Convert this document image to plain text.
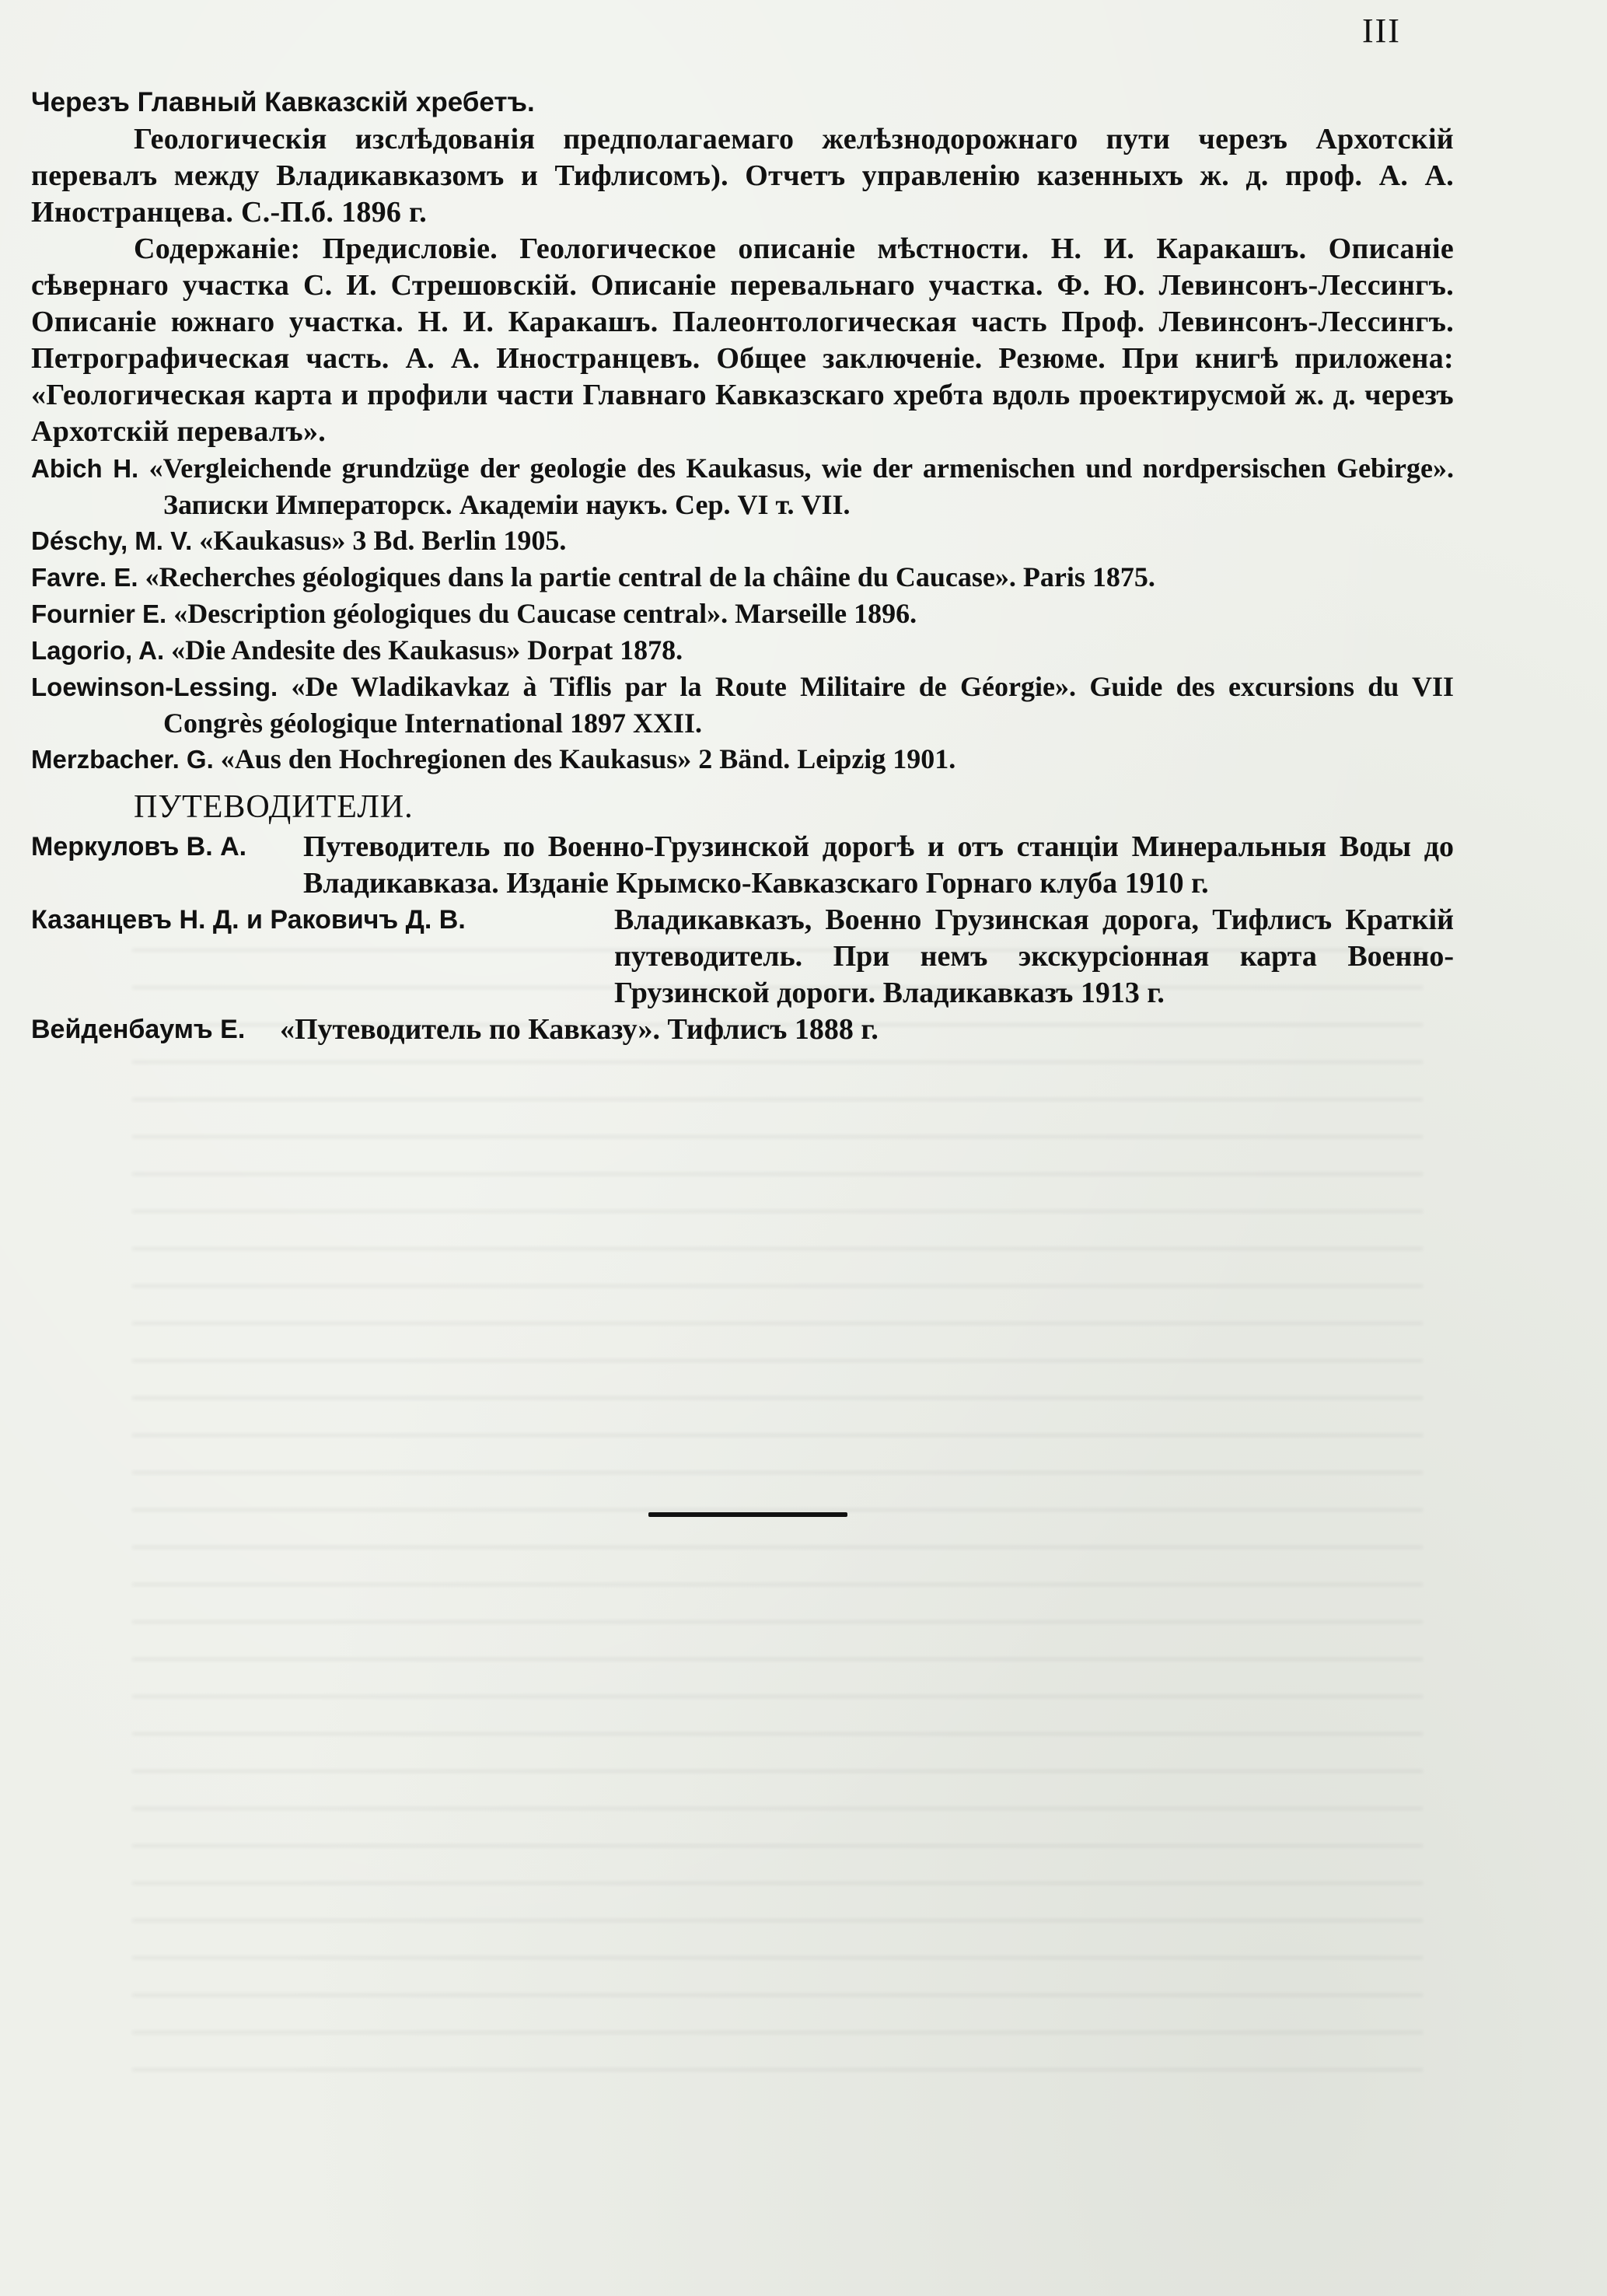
III

Черезъ Главный Кавказскій хребетъ.

Геологическія изслѣдованія предполагаемаго желѣзнодорожнаго пути черезъ Архотскій перевалъ между Владикавказомъ и Тифлисомъ). Отчетъ управленію казенныхъ ж. д. проф. А. А. Иностранцева. С.-П.б. 1896 г.

Содержаніе: Предисловіе. Геологическое описаніе мѣстности. Н. И. Каракашъ. Описаніе сѣвернаго участка С. И. Стрешовскій. Описаніе перевальнаго участка. Ф. Ю. Левинсонъ-Лессингъ. Описаніе южнаго участка. Н. И. Каракашъ. Палеонтологическая часть Проф. Левинсонъ-Лессингъ. Петрографическая часть. А. А. Иностранцевъ. Общее заключеніе. Резюме. При книгѣ приложена: «Геологическая карта и профили части Главнаго Кавказскаго хребта вдоль проектирусмой ж. д. черезъ Архотскій перевалъ».

Abich H. «Vergleichende grundzüge der geologie des Kaukasus, wie der armenischen und nordpersischen Gebirge». Записки Императорск. Академіи наукъ. Сер. VI т. VII.

Déschy, M. V. «Kaukasus» 3 Bd. Berlin 1905.

Favre. E. «Recherches géologiques dans la partie central de la châine du Caucase». Paris 1875.

Fournier E. «Description géologiques du Caucase central». Marseille 1896.

Lagorio, A. «Die Andesite des Kaukasus» Dorpat 1878.

Loewinson-Lessing. «De Wladikavkaz à Tiflis par la Route Militaire de Géorgie». Guide des excursions du VII Congrès géologique International 1897 XXII.

Merzbacher. G. «Aus den Hochregionen des Kaukasus» 2 Bänd. Leipzig 1901.

ПУТЕВОДИТЕЛИ.

Меркуловъ В. А. Путеводитель по Военно-Грузинской дорогѣ и отъ станціи Минеральныя Воды до Владикавказа. Изданіе Крымско-Кавказскаго Горнаго клуба 1910 г.
Казанцевъ Н. Д. и Раковичъ Д. В.	Владикавказъ, Военно Грузинская дорога, Тифлисъ Краткій путеводитель. При немъ экскурсіонная карта Военно-Грузинской дороги. Владикавказъ 1913 г.
Вейденбаумъ Е. «Путеводитель по Кавказу». Тифлисъ 1888 г.
